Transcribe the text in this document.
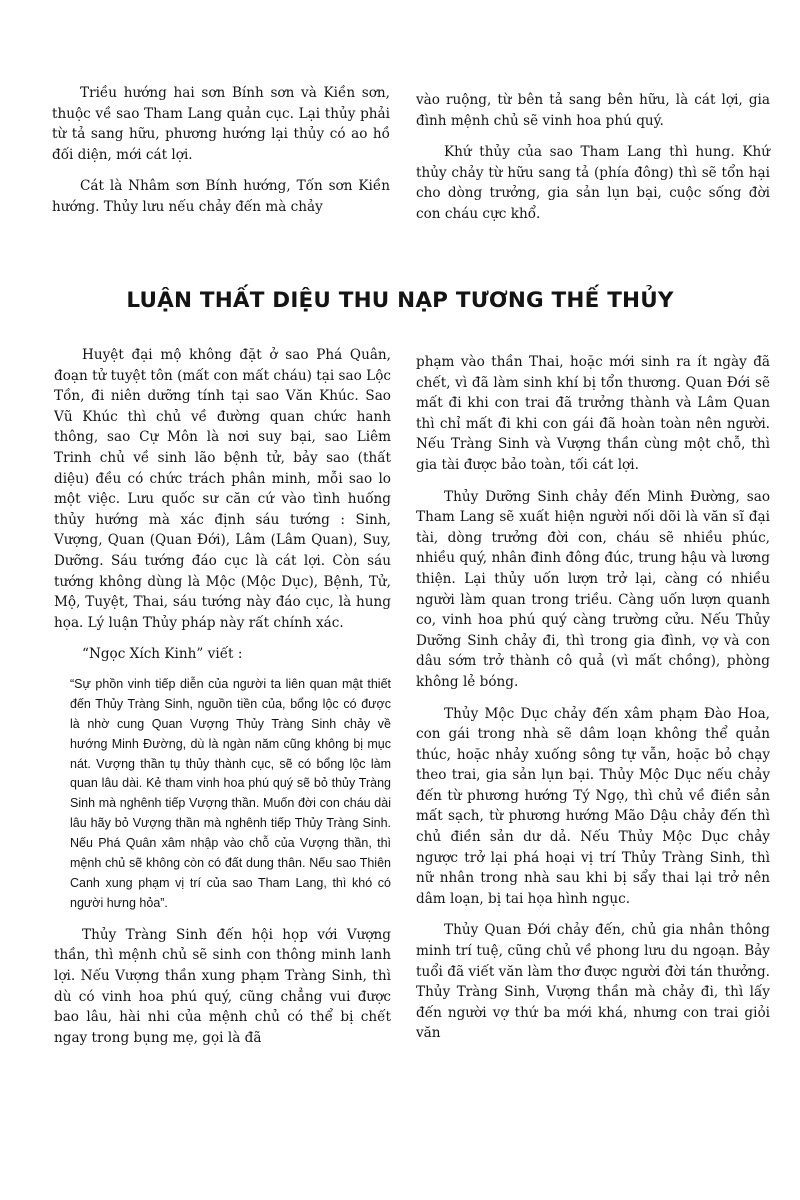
Triều hướng hai sơn Bính sơn và Kiền sơn, thuộc về sao Tham Lang quản cục. Lại thủy phải từ tả sang hữu, phương hướng lại thủy có ao hồ đối diện, mới cát lợi.

Cát là Nhâm sơn Bính hướng, Tốn sơn Kiền hướng. Thủy lưu nếu chảy đến mà chảy

vào ruộng, từ bên tả sang bên hữu, là cát lợi, gia đình mệnh chủ sẽ vinh hoa phú quý.

Khứ thủy của sao Tham Lang thì hung. Khứ thủy chảy từ hữu sang tả (phía đông) thì sẽ tổn hại cho dòng trưởng, gia sản lụn bại, cuộc sống đời con cháu cực khổ.

LUẬN THẤT DIỆU THU NẠP TƯƠNG THẾ THỦY

Huyệt đại mộ không đặt ở sao Phá Quân, đoạn tử tuyệt tôn (mất con mất cháu) tại sao Lộc Tồn, đi niên dưỡng tính tại sao Văn Khúc. Sao Vũ Khúc thì chủ về đường quan chức hanh thông, sao Cự Môn là nơi suy bại, sao Liêm Trinh chủ về sinh lão bệnh tử, bảy sao (thất diệu) đều có chức trách phân minh, mỗi sao lo một việc. Lưu quốc sư căn cứ vào tình huống thủy hướng mà xác định sáu tướng : Sinh, Vượng, Quan (Quan Đới), Lâm (Lâm Quan), Suy, Dưỡng. Sáu tướng đáo cục là cát lợi. Còn sáu tướng không dùng là Mộc (Mộc Dục), Bệnh, Tử, Mộ, Tuyệt, Thai, sáu tướng này đáo cục, là hung họa. Lý luận Thủy pháp này rất chính xác.

“Ngọc Xích Kinh” viết :

“Sự phồn vinh tiếp diễn của người ta liên quan mật thiết đến Thủy Tràng Sinh, nguồn tiền của, bổng lộc có được là nhờ cung Quan Vượng Thủy Tràng Sinh chảy về hướng Minh Đường, dù là ngàn năm cũng không bị mục nát. Vượng thần tụ thủy thành cục, sẽ có bổng lộc làm quan lâu dài. Kẻ tham vinh hoa phú quý sẽ bỏ thủy Tràng Sinh mà nghênh tiếp Vượng thần. Muốn đời con cháu dài lâu hãy bỏ Vượng thần mà nghênh tiếp Thủy Tràng Sinh. Nếu Phá Quân xâm nhập vào chỗ của Vượng thần, thì mệnh chủ sẽ không còn có đất dung thân. Nếu sao Thiên Canh xung phạm vị trí của sao Tham Lang, thì khó có người hưng hỏa”.

Thủy Tràng Sinh đến hội họp với Vượng thần, thì mệnh chủ sẽ sinh con thông minh lanh lợi. Nếu Vượng thần xung phạm Tràng Sinh, thì dù có vinh hoa phú quý, cũng chẳng vui được bao lâu, hài nhi của mệnh chủ có thể bị chết ngay trong bụng mẹ, gọi là đã

phạm vào thần Thai, hoặc mới sinh ra ít ngày đã chết, vì đã làm sinh khí bị tổn thương. Quan Đới sẽ mất đi khi con trai đã trưởng thành và Lâm Quan thì chỉ mất đi khi con gái đã hoàn toàn nên người. Nếu Tràng Sinh và Vượng thần cùng một chỗ, thì gia tài được bảo toàn, tối cát lợi.

Thủy Dưỡng Sinh chảy đến Minh Đường, sao Tham Lang sẽ xuất hiện người nối dõi là văn sĩ đại tài, dòng trưởng đời con, cháu sẽ nhiều phúc, nhiều quý, nhân đinh đông đúc, trung hậu và lương thiện. Lại thủy uốn lượn trở lại, càng có nhiều người làm quan trong triều. Càng uốn lượn quanh co, vinh hoa phú quý càng trường cửu. Nếu Thủy Dưỡng Sinh chảy đi, thì trong gia đình, vợ và con dâu sớm trở thành cô quả (vì mất chồng), phòng không lẻ bóng.

Thủy Mộc Dục chảy đến xâm phạm Đào Hoa, con gái trong nhà sẽ dâm loạn không thể quản thúc, hoặc nhảy xuống sông tự vẫn, hoặc bỏ chạy theo trai, gia sản lụn bại. Thủy Mộc Dục nếu chảy đến từ phương hướng Tý Ngọ, thì chủ về điền sản mất sạch, từ phương hướng Mão Dậu chảy đến thì chủ điền sản dư dả. Nếu Thủy Mộc Dục chảy ngược trở lại phá hoại vị trí Thủy Tràng Sinh, thì nữ nhân trong nhà sau khi bị sẩy thai lại trở nên dâm loạn, bị tai họa hình ngục.

Thủy Quan Đới chảy đến, chủ gia nhân thông minh trí tuệ, cũng chủ về phong lưu du ngoạn. Bảy tuổi đã viết văn làm thơ được người đời tán thưởng. Thủy Tràng Sinh, Vượng thần mà chảy đi, thì lấy đến người vợ thứ ba mới khá, nhưng con trai giỏi văn
